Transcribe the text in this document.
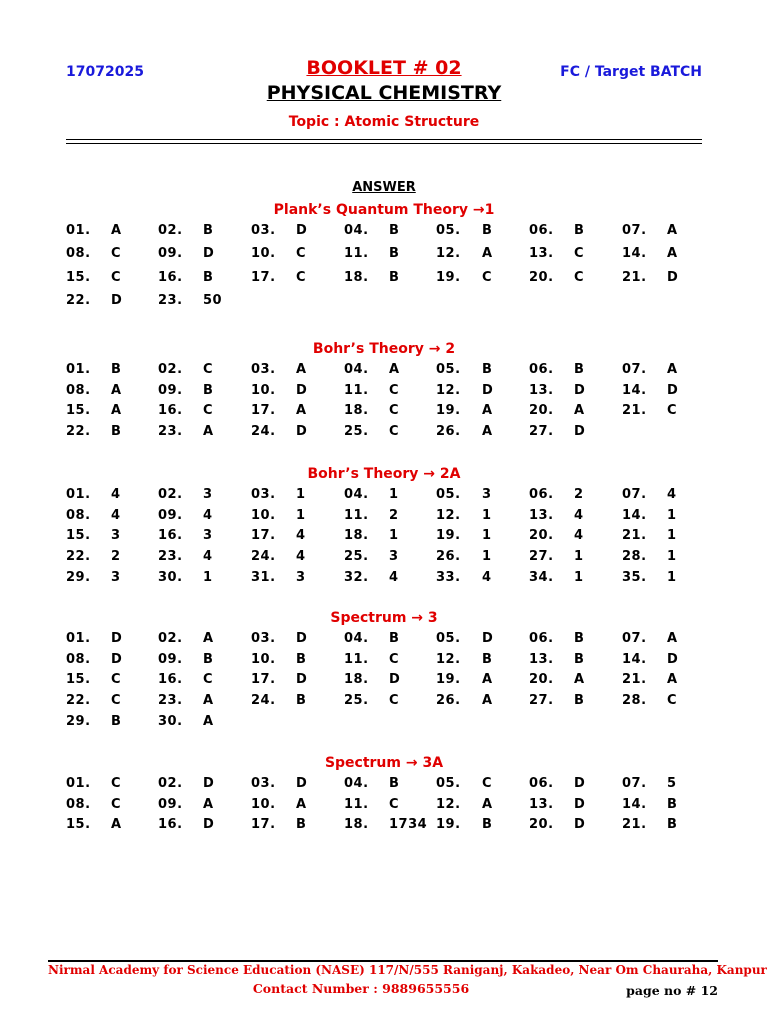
17072025	BOOKLET # 02	FC / Target BATCH
PHYSICAL CHEMISTRY
Topic : Atomic Structure
ANSWER
Plank’s Quantum Theory →1
01. A	02. B	03. D	04. B	05. B	06. B	07. A
08. C	09. D	10. C	11. B	12. A	13. C	14. A
15. C	16. B	17. C	18. B	19. C	20. C	21. D
22. D	23. 50
Bohr’s Theory → 2
01. B	02. C	03. A	04. A	05. B	06. B	07. A
08. A	09. B	10. D	11. C	12. D	13. D	14. D
15. A	16. C	17. A	18. C	19. A	20. A	21. C
22. B	23. A	24. D	25. C	26. A	27. D
Bohr’s Theory → 2A
01. 4	02. 3	03. 1	04. 1	05. 3	06. 2	07. 4
08. 4	09. 4	10. 1	11. 2	12. 1	13. 4	14. 1
15. 3	16. 3	17. 4	18. 1	19. 1	20. 4	21. 1
22. 2	23. 4	24. 4	25. 3	26. 1	27. 1	28. 1
29. 3	30. 1	31. 3	32. 4	33. 4	34. 1	35. 1
Spectrum → 3
01. D	02. A	03. D	04. B	05. D	06. B	07. A
08. D	09. B	10. B	11. C	12. B	13. B	14. D
15. C	16. C	17. D	18. D	19. A	20. A	21. A
22. C	23. A	24. B	25. C	26. A	27. B	28. C
29. B	30. A
Spectrum → 3A
01. C	02. D	03. D	04. B	05. C	06. D	07. 5
08. C	09. A	10. A	11. C	12. A	13. D	14. B
15. A	16. D	17. B	18. 1734 19. B	20. D	21. B
Nirmal Academy for Science Education (NASE) 117/N/555 Raniganj, Kakadeo, Near Om Chauraha, Kanpur
Contact Number : 9889655556	page no # 12
